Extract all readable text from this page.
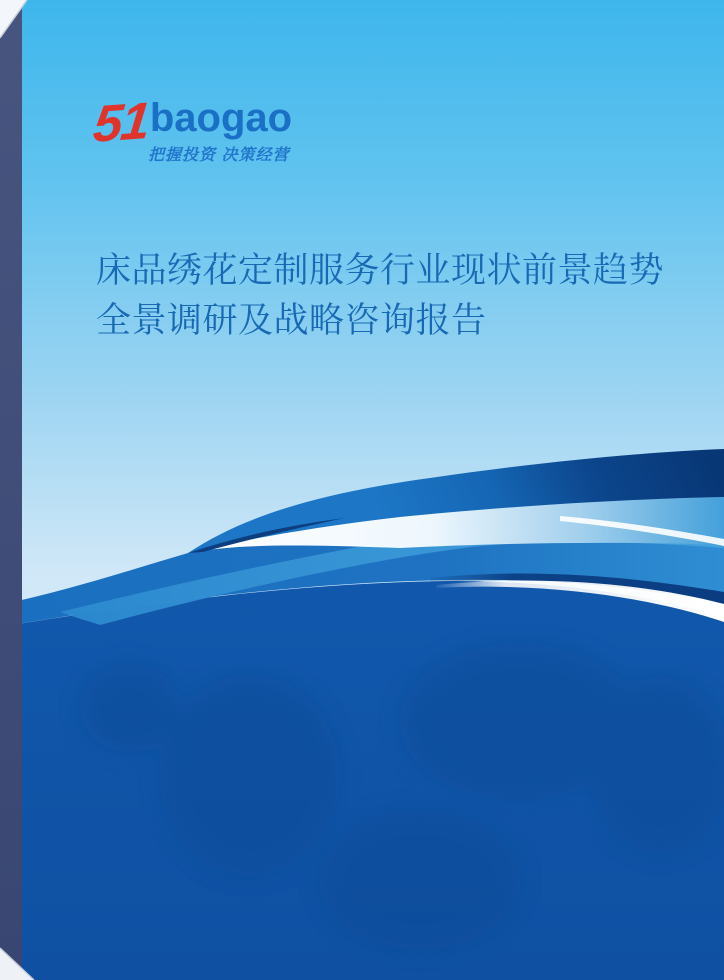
51
baogao
把握投资 决策经营
床品绣花定制服务行业现状前景趋势
全景调研及战略咨询报告
